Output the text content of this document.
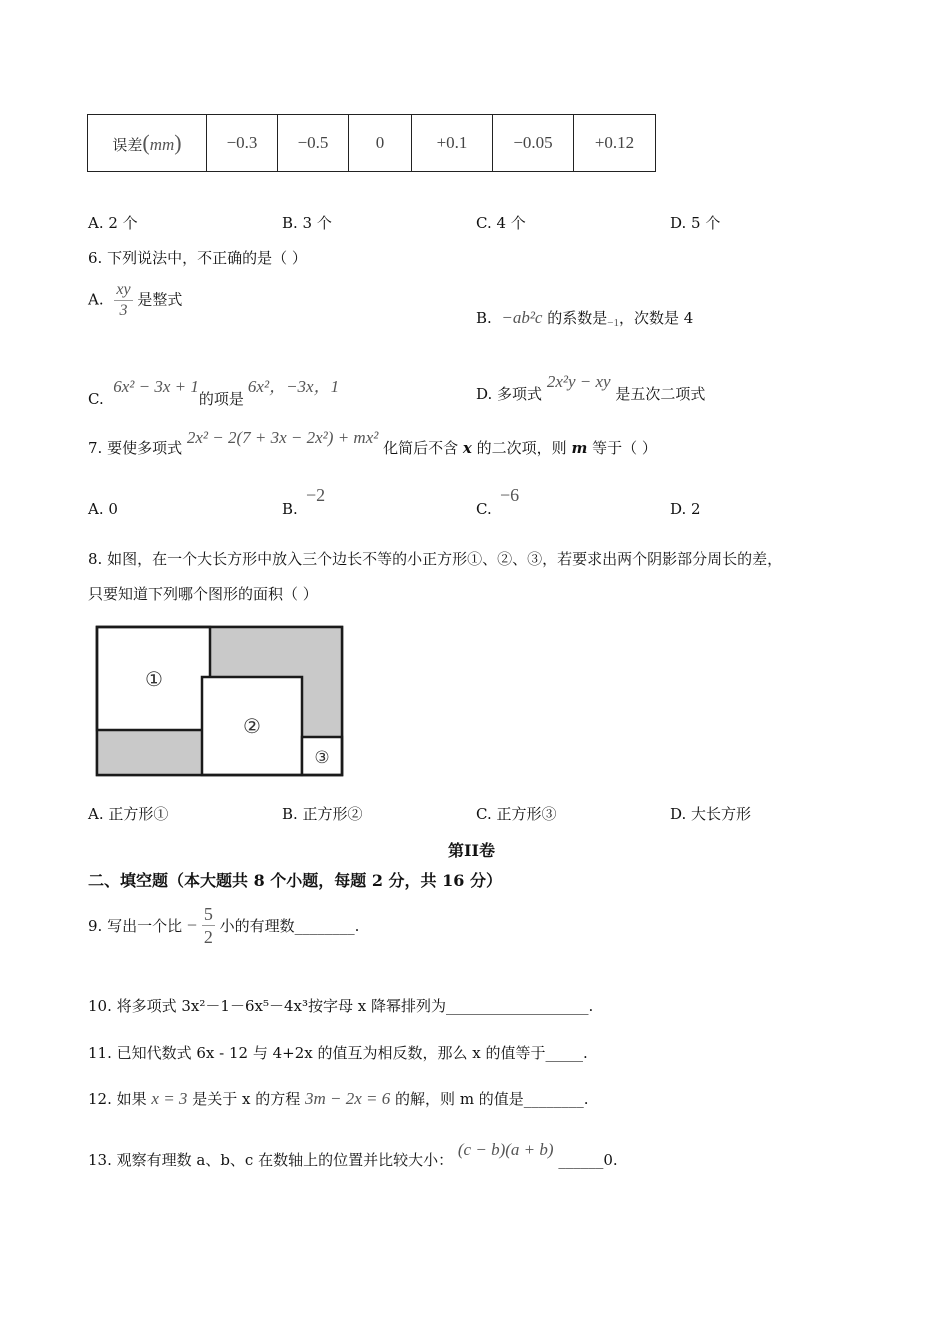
误差(mm)	−0.3	−0.5	0	+0.1	−0.05	+0.12
A. 2 个	B. 3 个	C. 4 个	D. 5 个
6. 下列说法中，不正确的是（ ）
A. $\frac{xy}{3}$ 是整式
B. −ab²c 的系数是$_{-1}$，次数是 4
C.  6x² − 3x + 1的项是6x²，−3x，1	D. 多项式 2x²y − xy 是五次二项式
7. 要使多项式 2x² − 2(7 + 3x − 2x²) + mx² 化简后不含 x 的二次项，则 m 等于（ ）
A. 0	B.
−2
C.
−6
D. 2
8. 如图，在一个大长方形中放入三个边长不等的小正方形①、②、③，若要求出两个阴影部分周长的差，
只要知道下列哪个图形的面积（ ）
①
②
③
A. 正方形①	B. 正方形②	C. 正方形③	D. 大长方形
第II卷
二、填空题（本大题共 8 个小题，每题 2 分，共 16 分）
9. 写出一个比 − $\frac{5}{2}$ 小的有理数________.
10. 将多项式 3x²－1－6x⁵－4x³按字母 x 降幂排列为___________________.
11. 已知代数式 6x - 12 与 4+2x 的值互为相反数，那么 x 的值等于_____.
12. 如果 x = 3 是关于 x 的方程 3m − 2x = 6 的解，则 m 的值是________.
13. 观察有理数 a、b、c 在数轴上的位置并比较大小： (c − b)(a + b) ______0.
